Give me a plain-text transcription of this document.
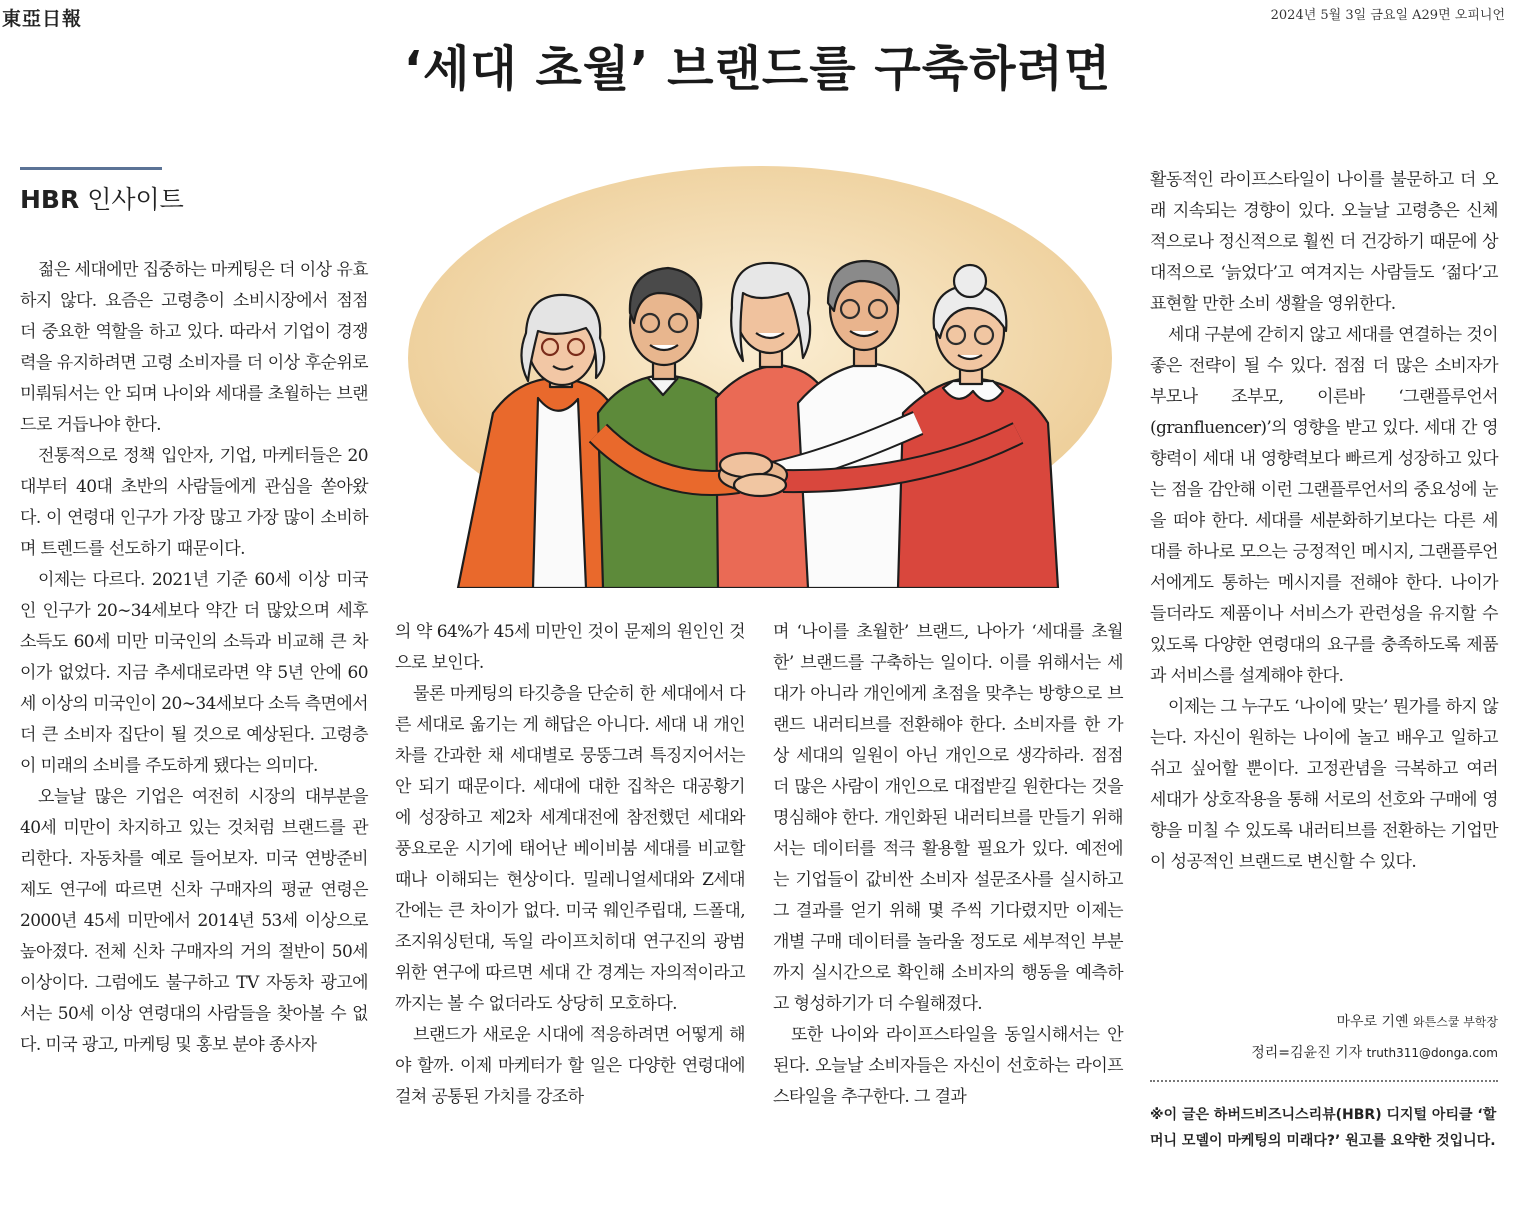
東亞日報	2024년 5월 3일 금요일 A29면 오피니언
‘세대 초월’ 브랜드를 구축하려면
HBR 인사이트

젊은 세대에만 집중하는 마케팅은 더 이상 유효하지 않다. 요즘은 고령층이 소비시장에서 점점 더 중요한 역할을 하고 있다. 따라서 기업이 경쟁력을 유지하려면 고령 소비자를 더 이상 후순위로 미뤄둬서는 안 되며 나이와 세대를 초월하는 브랜드로 거듭나야 한다.

전통적으로 정책 입안자, 기업, 마케터들은 20대부터 40대 초반의 사람들에게 관심을 쏟아왔다. 이 연령대 인구가 가장 많고 가장 많이 소비하며 트렌드를 선도하기 때문이다.

이제는 다르다. 2021년 기준 60세 이상 미국인 인구가 20∼34세보다 약간 더 많았으며 세후 소득도 60세 미만 미국인의 소득과 비교해 큰 차이가 없었다. 지금 추세대로라면 약 5년 안에 60세 이상의 미국인이 20∼34세보다 소득 측면에서 더 큰 소비자 집단이 될 것으로 예상된다. 고령층이 미래의 소비를 주도하게 됐다는 의미다.

오늘날 많은 기업은 여전히 시장의 대부분을 40세 미만이 차지하고 있는 것처럼 브랜드를 관리한다. 자동차를 예로 들어보자. 미국 연방준비제도 연구에 따르면 신차 구매자의 평균 연령은 2000년 45세 미만에서 2014년 53세 이상으로 높아졌다. 전체 신차 구매자의 거의 절반이 50세 이상이다. 그럼에도 불구하고 TV 자동차 광고에서는 50세 이상 연령대의 사람들을 찾아볼 수 없다. 미국 광고, 마케팅 및 홍보 분야 종사자

의 약 64%가 45세 미만인 것이 문제의 원인인 것으로 보인다.

물론 마케팅의 타깃층을 단순히 한 세대에서 다른 세대로 옮기는 게 해답은 아니다. 세대 내 개인차를 간과한 채 세대별로 뭉뚱그려 특징지어서는 안 되기 때문이다. 세대에 대한 집착은 대공황기에 성장하고 제2차 세계대전에 참전했던 세대와 풍요로운 시기에 태어난 베이비붐 세대를 비교할 때나 이해되는 현상이다. 밀레니얼세대와 Z세대 간에는 큰 차이가 없다. 미국 웨인주립대, 드폴대, 조지워싱턴대, 독일 라이프치히대 연구진의 광범위한 연구에 따르면 세대 간 경계는 자의적이라고까지는 볼 수 없더라도 상당히 모호하다.

브랜드가 새로운 시대에 적응하려면 어떻게 해야 할까. 이제 마케터가 할 일은 다양한 연령대에 걸쳐 공통된 가치를 강조하

며 ‘나이를 초월한’ 브랜드, 나아가 ‘세대를 초월한’ 브랜드를 구축하는 일이다. 이를 위해서는 세대가 아니라 개인에게 초점을 맞추는 방향으로 브랜드 내러티브를 전환해야 한다. 소비자를 한 가상 세대의 일원이 아닌 개인으로 생각하라. 점점 더 많은 사람이 개인으로 대접받길 원한다는 것을 명심해야 한다. 개인화된 내러티브를 만들기 위해서는 데이터를 적극 활용할 필요가 있다. 예전에는 기업들이 값비싼 소비자 설문조사를 실시하고 그 결과를 얻기 위해 몇 주씩 기다렸지만 이제는 개별 구매 데이터를 놀라울 정도로 세부적인 부분까지 실시간으로 확인해 소비자의 행동을 예측하고 형성하기가 더 수월해졌다.

또한 나이와 라이프스타일을 동일시해서는 안 된다. 오늘날 소비자들은 자신이 선호하는 라이프스타일을 추구한다. 그 결과

활동적인 라이프스타일이 나이를 불문하고 더 오래 지속되는 경향이 있다. 오늘날 고령층은 신체적으로나 정신적으로 훨씬 더 건강하기 때문에 상대적으로 ‘늙었다’고 여겨지는 사람들도 ‘젊다’고 표현할 만한 소비 생활을 영위한다.

세대 구분에 갇히지 않고 세대를 연결하는 것이 좋은 전략이 될 수 있다. 점점 더 많은 소비자가 부모나 조부모, 이른바 ‘그랜플루언서(granfluencer)’의 영향을 받고 있다. 세대 간 영향력이 세대 내 영향력보다 빠르게 성장하고 있다는 점을 감안해 이런 그랜플루언서의 중요성에 눈을 떠야 한다. 세대를 세분화하기보다는 다른 세대를 하나로 모으는 긍정적인 메시지, 그랜플루언서에게도 통하는 메시지를 전해야 한다. 나이가 들더라도 제품이나 서비스가 관련성을 유지할 수 있도록 다양한 연령대의 요구를 충족하도록 제품과 서비스를 설계해야 한다.

이제는 그 누구도 ‘나이에 맞는’ 뭔가를 하지 않는다. 자신이 원하는 나이에 놀고 배우고 일하고 쉬고 싶어할 뿐이다. 고정관념을 극복하고 여러 세대가 상호작용을 통해 서로의 선호와 구매에 영향을 미칠 수 있도록 내러티브를 전환하는 기업만이 성공적인 브랜드로 변신할 수 있다.

마우로 기옌 와튼스쿨 부학장
정리=김윤진 기자 truth311@donga.com
※이 글은 하버드비즈니스리뷰(HBR) 디지털 아티클 ‘할머니 모델이 마케팅의 미래다?’ 원고를 요약한 것입니다.
